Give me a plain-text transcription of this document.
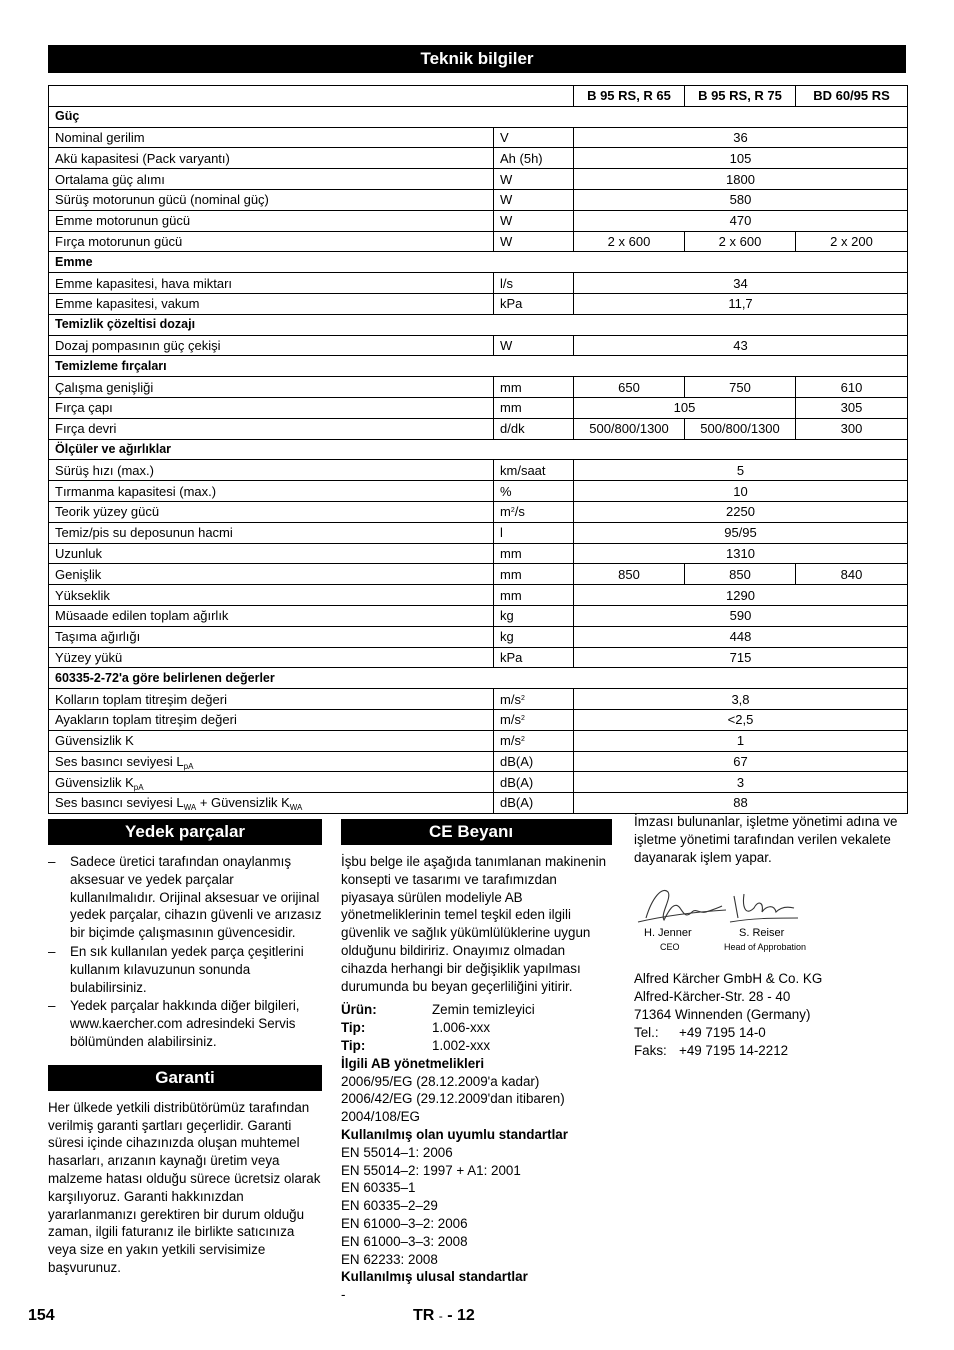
Teknik bilgiler
		B 95 RS, R 65	B 95 RS, R 75	BD 60/95 RS
Güç				
Nominal gerilim	V	36		
Akü kapasitesi (Pack varyantı)	Ah (5h)	105		
Ortalama güç alımı	W	1800		
Sürüş motorunun gücü (nominal güç)	W	580		
Emme motorunun gücü	W	470		
Fırça motorunun gücü	W	2 x 600	2 x 600	2 x 200
Emme				
Emme kapasitesi, hava miktarı	l/s	34		
Emme kapasitesi, vakum	kPa	11,7		
Temizlik çözeltisi dozajı				
Dozaj pompasının güç çekişi	W	43		
Temizleme fırçaları				
Çalışma genişliği	mm	650	750	610
Fırça çapı	mm	105		305
Fırça devri	d/dk	500/800/1300	500/800/1300	300
Ölçüler ve ağırlıklar				
Sürüş hızı (max.)	km/saat	5		
Tırmanma kapasitesi (max.)	%	10		
Teorik yüzey gücü	$m^2/s$	2250		
Temiz/pis su deposunun hacmi	l	95/95		
Uzunluk	mm	1310		
Genişlik	mm	850	850	840
Yükseklik	mm	1290		
Müsaade edilen toplam ağırlık	kg	590		
Taşıma ağırlığı	kg	448		
Yüzey yükü	kPa	715		
60335-2-72'a göre belirlenen değerler				
Kolların toplam titreşim değeri	$m/s^2$	3,8		
Ayakların toplam titreşim değeri	$m/s^2$	<2,5		
Güvensizlik K	$m/s^2$	1		
Ses basıncı seviyesi $L_{pA}$	dB(A)	67		
Güvensizlik $K_{pA}$	dB(A)	3		
Ses basıncı seviyesi $L_{WA}$ + Güvensizlik $K_{WA}$	dB(A)	88		
Yedek parçalar
– Sadece üretici tarafından onaylanmış aksesuar ve yedek parçalar kullanılmalıdır. Orijinal aksesuar ve orijinal yedek parçalar, cihazın güvenli ve arızasız bir biçimde çalışmasının güvencesidir.
– En sık kullanılan yedek parça çeşitlerini kullanım kılavuzunun sonunda bulabilirsiniz.
– Yedek parçalar hakkında diğer bilgileri, www.kaercher.com adresindeki Servis bölümünden alabilirsiniz.
Garanti

Her ülkede yetkili distribütörümüz tarafından verilmiş garanti şartları geçerlidir. Garanti süresi içinde cihazınızda oluşan muhtemel hasarları, arızanın kaynağı üretim veya malzeme hatası olduğu sürece ücretsiz olarak karşılıyoruz. Garanti hakkınızdan yararlanmanızı gerektiren bir durum olduğu zaman, ilgili faturanız ile birlikte satıcınıza veya size en yakın yetkili servisimize başvurunuz.

CE Beyanı

İşbu belge ile aşağıda tanımlanan makinenin konsepti ve tasarımı ve tarafımızdan piyasaya sürülen modeliyle AB yönetmeliklerinin temel teşkil eden ilgili güvenlik ve sağlık yükümlülüklerine uygun olduğunu bildiririz. Onayımız olmadan cihazda herhangi bir değişiklik yapılması durumunda bu beyan geçerliliğini yitirir.

Ürün:	Zemin temizleyici
Tip:	1.006-xxx
Tip:	1.002-xxx

İlgili AB yönetmelikleri

2006/95/EG (28.12.2009'a kadar)

2006/42/EG (29.12.2009'dan itibaren)

2004/108/EG

Kullanılmış olan uyumlu standartlar

EN 55014–1: 2006

EN 55014–2: 1997 + A1: 2001

EN 60335–1

EN 60335–2–29

EN 61000–3–2: 2006

EN 61000–3–3: 2008

EN 62233: 2008

Kullanılmış ulusal standartlar

-

İmzası bulunanlar, işletme yönetimi adına ve işletme yönetimi tarafından verilen vekalete dayanarak işlem yapar.

H. Jenner
CEO
S. Reiser
Head of Approbation

Alfred Kärcher GmbH & Co. KG

Alfred-Kärcher-Str. 28 - 40

71364 Winnenden (Germany)

Tel.:	+49 7195 14-0
Faks: +49 7195 14-2212
154	TR - - 12
